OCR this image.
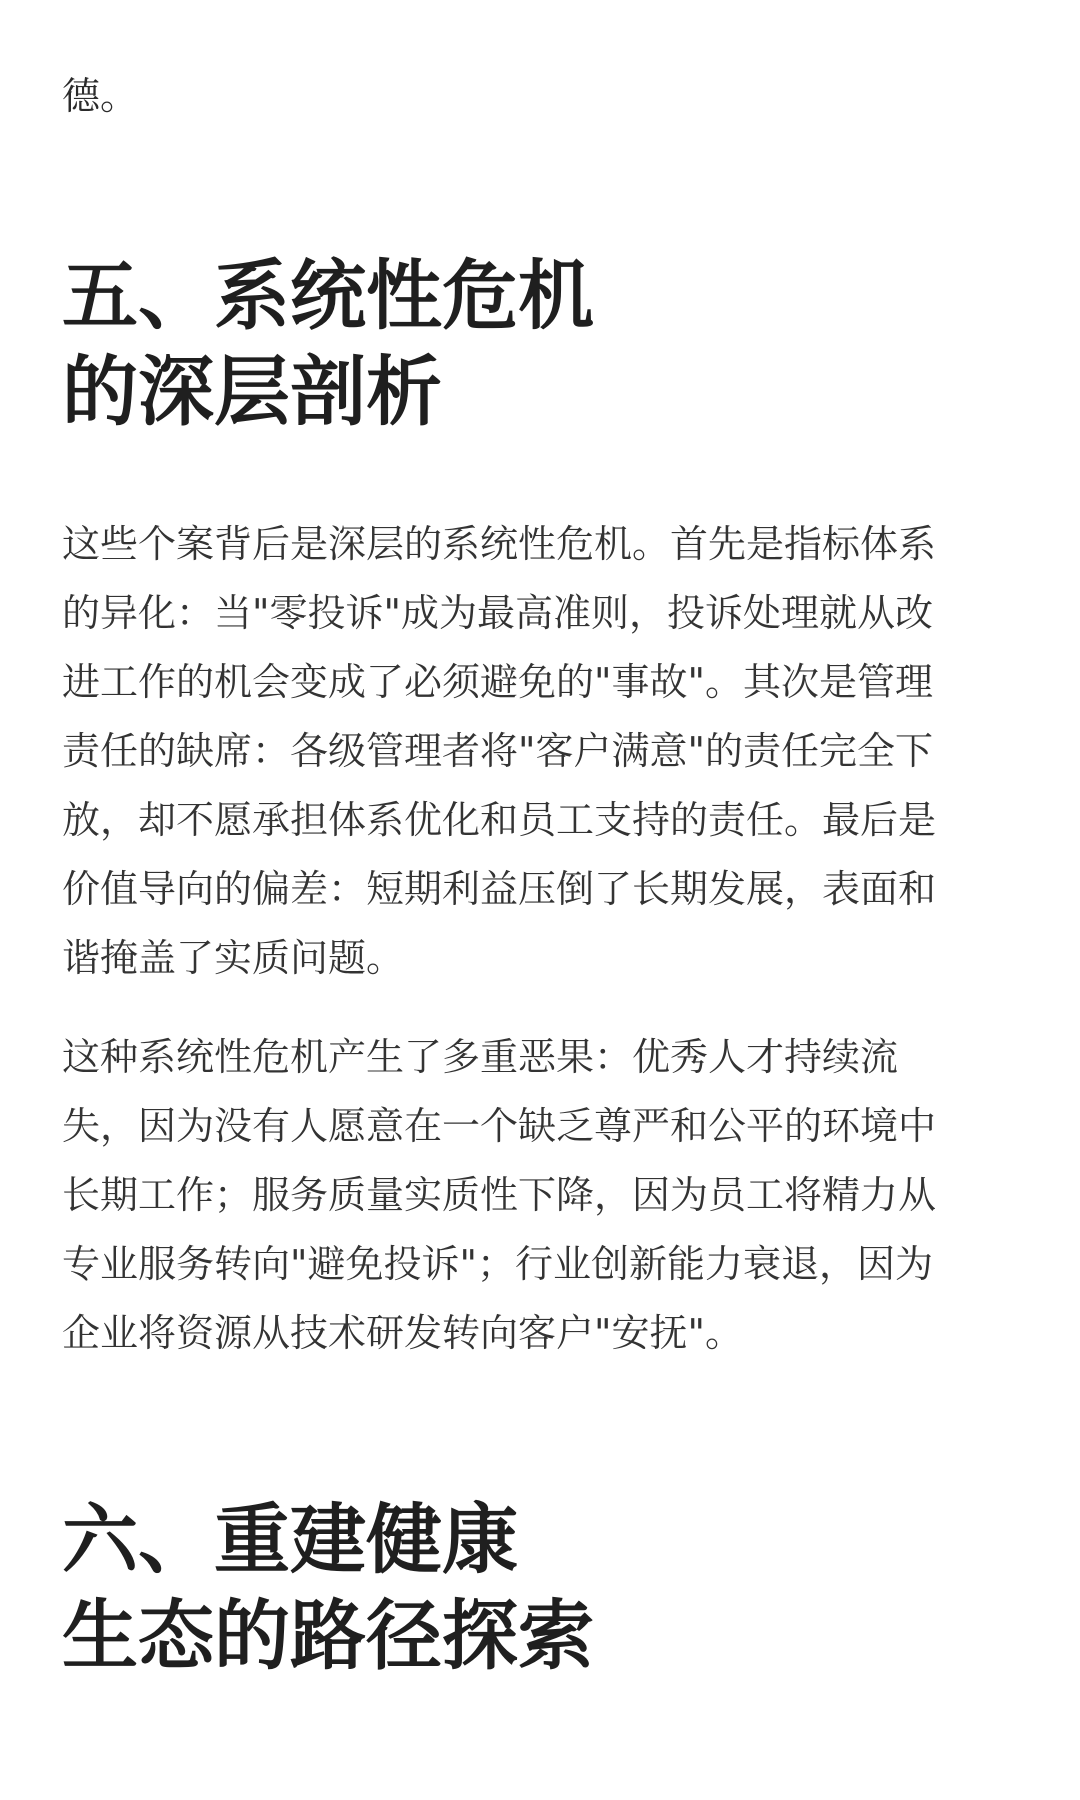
德。

五、系统性危机
的深层剖析

这些个案背后是深层的系统性危机。首先是指标体系
的异化：当"零投诉"成为最高准则，投诉处理就从改
进工作的机会变成了必须避免的"事故"。其次是管理
责任的缺席：各级管理者将"客户满意"的责任完全下
放，却不愿承担体系优化和员工支持的责任。最后是
价值导向的偏差：短期利益压倒了长期发展，表面和
谐掩盖了实质问题。

这种系统性危机产生了多重恶果：优秀人才持续流
失，因为没有人愿意在一个缺乏尊严和公平的环境中
长期工作；服务质量实质性下降，因为员工将精力从
专业服务转向"避免投诉"；行业创新能力衰退，因为
企业将资源从技术研发转向客户"安抚"。

六、重建健康
生态的路径探索
